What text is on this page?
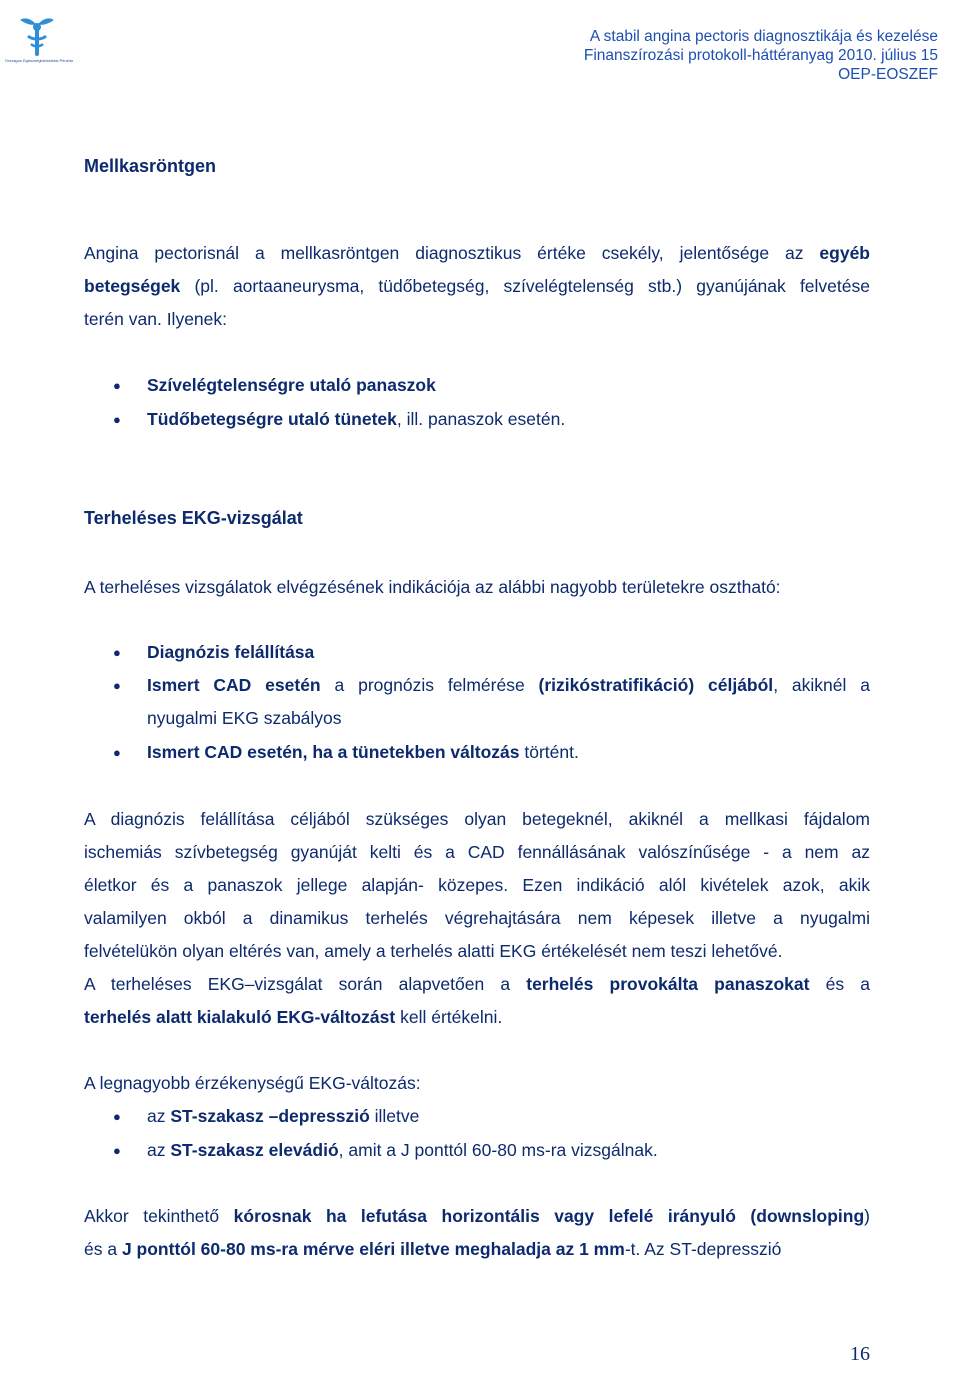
Országos Egészségbiztosítási Pénztár
A stabil angina pectoris diagnosztikája és kezelése
Finanszírozási protokoll-háttéranyag 2010. július 15
OEP-EOSZEF
Mellkasröntgen
Angina pectorisnál a mellkasröntgen diagnosztikus értéke csekély, jelentősége az egyéb
betegségek (pl. aortaaneurysma, tüdőbetegség, szívelégtelenség stb.) gyanújának felvetése
terén van. Ilyenek:
● Szívelégtelenségre utaló panaszok
● Tüdőbetegségre utaló tünetek, ill. panaszok esetén.
Terheléses EKG-vizsgálat
A terheléses vizsgálatok elvégzésének indikációja az alábbi nagyobb területekre osztható:
● Diagnózis felállítása
● Ismert CAD esetén a prognózis felmérése (rizikóstratifikáció) céljából, akiknél a
nyugalmi EKG szabályos
● Ismert CAD esetén, ha a tünetekben változás történt.
A diagnózis felállítása céljából szükséges olyan betegeknél, akiknél a mellkasi fájdalom
ischemiás szívbetegség gyanúját kelti és a CAD fennállásának valószínűsége - a nem az
életkor és a panaszok jellege alapján- közepes. Ezen indikáció alól kivételek azok, akik
valamilyen okból a dinamikus terhelés végrehajtására nem képesek illetve a nyugalmi
felvételükön olyan eltérés van, amely a terhelés alatti EKG értékelését nem teszi lehetővé.
A terheléses EKG–vizsgálat során alapvetően a terhelés provokálta panaszokat és a
terhelés alatt kialakuló EKG-változást kell értékelni.
A legnagyobb érzékenységű EKG-változás:
● az ST-szakasz –depresszió illetve
● az ST-szakasz elevádió, amit a J ponttól 60-80 ms-ra vizsgálnak.
Akkor tekinthető kórosnak ha lefutása horizontális vagy lefelé irányuló (downsloping)
és a J ponttól 60-80 ms-ra mérve eléri illetve meghaladja az 1 mm-t. Az ST-depresszió
16
